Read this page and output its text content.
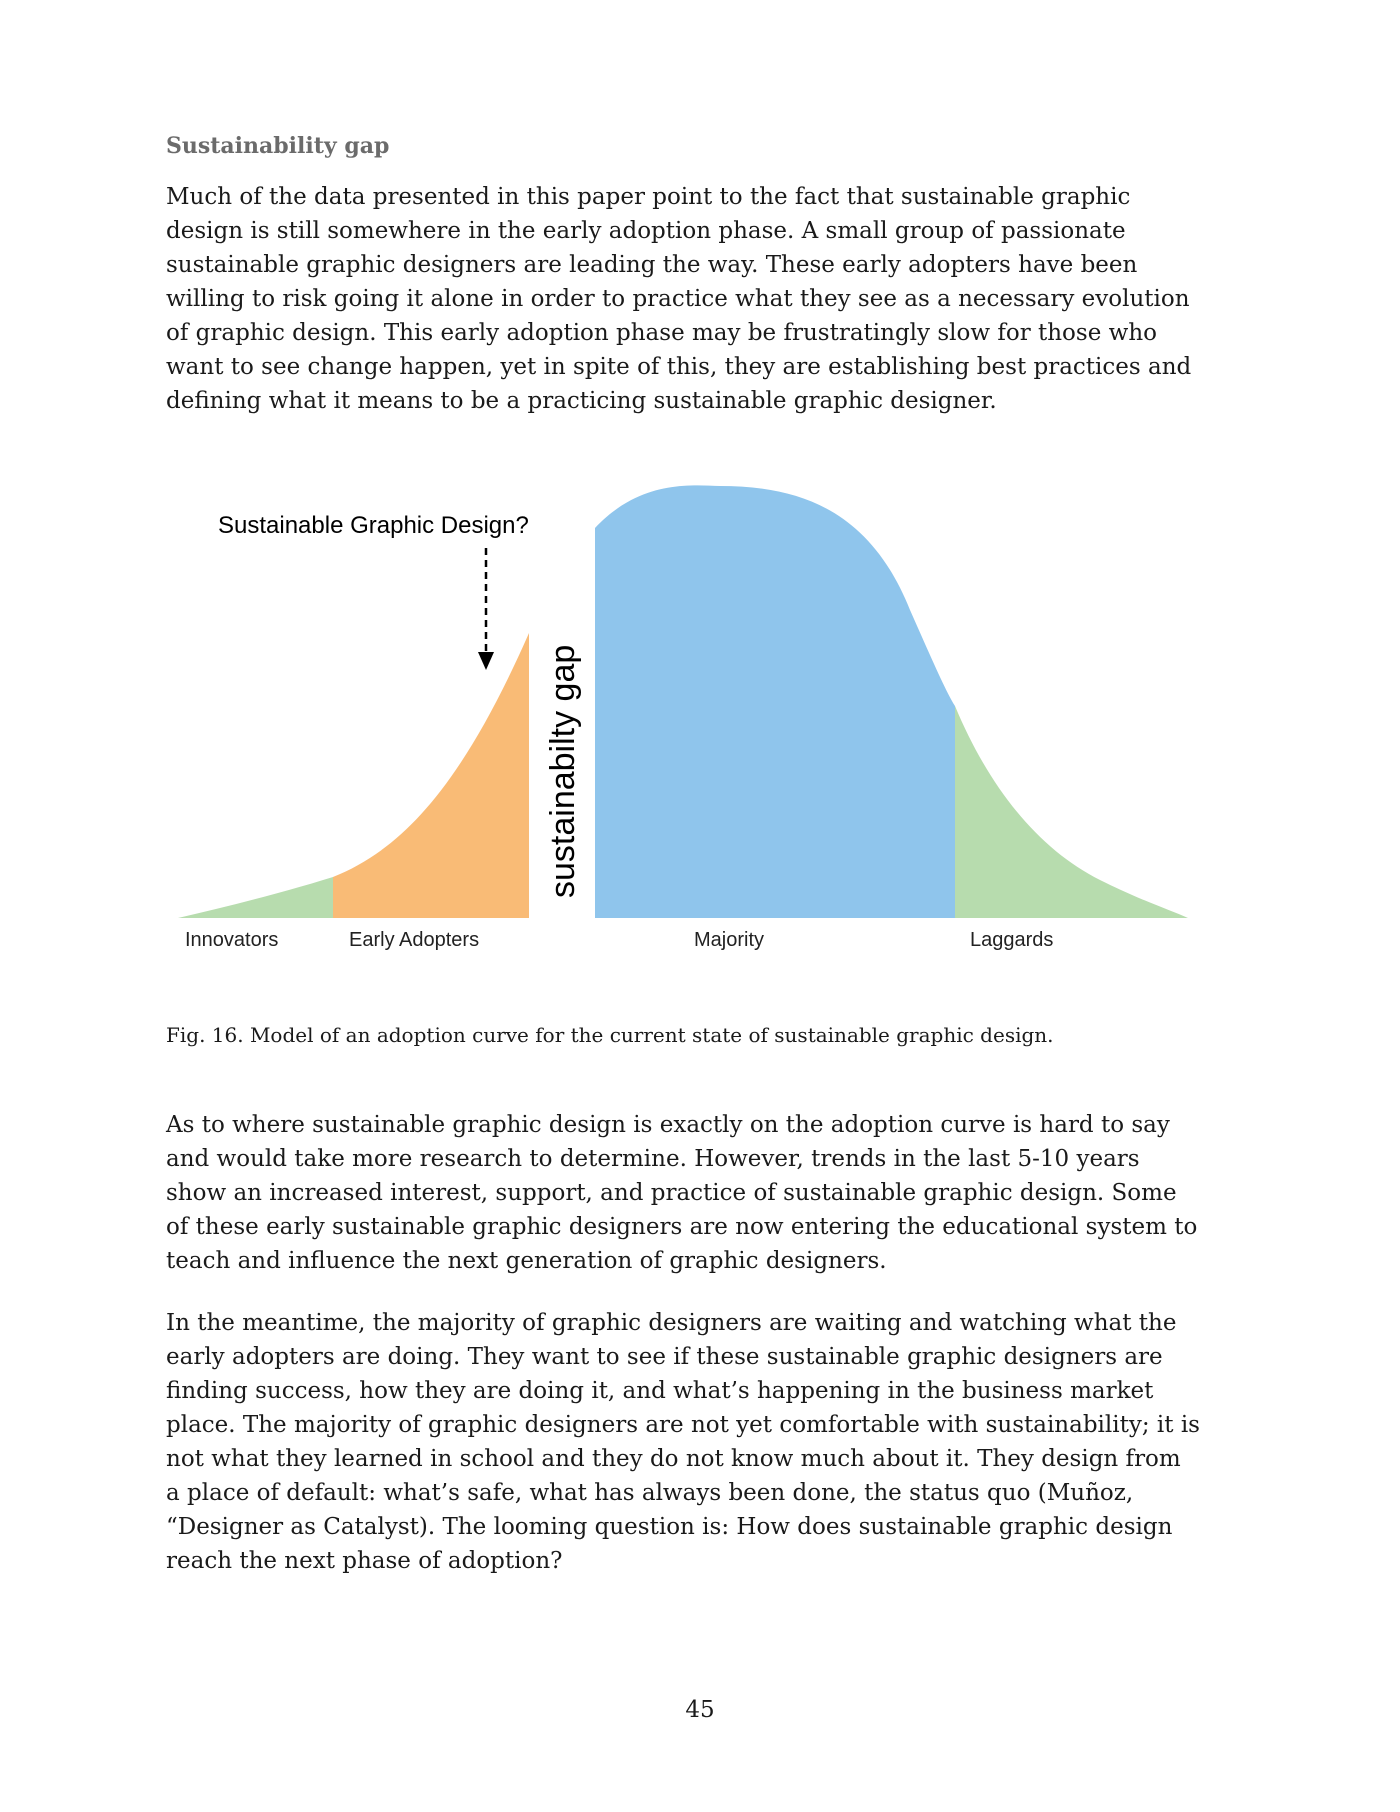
Sustainability gap

Much of the data presented in this paper point to the fact that sustainable graphic
design is still somewhere in the early adoption phase. A small group of passionate
sustainable graphic designers are leading the way. These early adopters have been
willing to risk going it alone in order to practice what they see as a necessary evolution
of graphic design. This early adoption phase may be frustratingly slow for those who
want to see change happen, yet in spite of this, they are establishing best practices and
defining what it means to be a practicing sustainable graphic designer.

Sustainable Graphic Design?
sustainabilty gap
Innovators	Early Adopters	Majority	Laggards

Fig. 16. Model of an adoption curve for the current state of sustainable graphic design.

As to where sustainable graphic design is exactly on the adoption curve is hard to say
and would take more research to determine. However, trends in the last 5-10 years
show an increased interest, support, and practice of sustainable graphic design. Some
of these early sustainable graphic designers are now entering the educational system to
teach and influence the next generation of graphic designers.

In the meantime, the majority of graphic designers are waiting and watching what the
early adopters are doing. They want to see if these sustainable graphic designers are
finding success, how they are doing it, and what’s happening in the business market
place. The majority of graphic designers are not yet comfortable with sustainability; it is
not what they learned in school and they do not know much about it. They design from
a place of default: what’s safe, what has always been done, the status quo (Muñoz,
“Designer as Catalyst). The looming question is: How does sustainable graphic design
reach the next phase of adoption?

45
